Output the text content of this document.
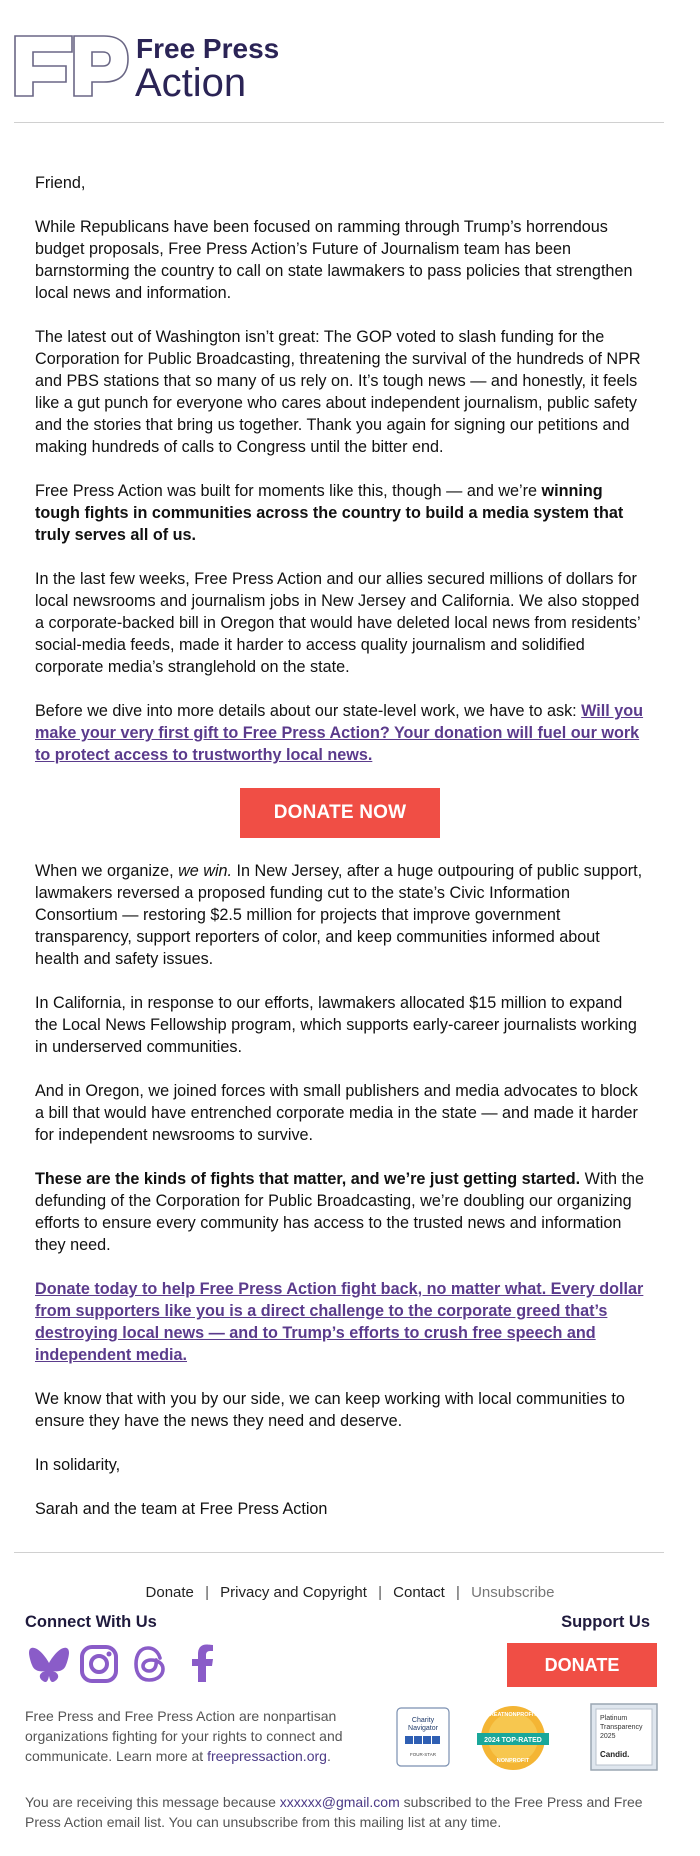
Free Press
Action

Friend,

While Republicans have been focused on ramming through Trump’s horrendous budget proposals, Free Press Action’s Future of Journalism team has been barnstorming the country to call on state lawmakers to pass policies that strengthen local news and information.

The latest out of Washington isn’t great: The GOP voted to slash funding for the Corporation for Public Broadcasting, threatening the survival of the hundreds of NPR and PBS stations that so many of us rely on. It’s tough news — and honestly, it feels like a gut punch for everyone who cares about independent journalism, public safety and the stories that bring us together. Thank you again for signing our petitions and making hundreds of calls to Congress until the bitter end.

Free Press Action was built for moments like this, though — and we’re winning tough fights in communities across the country to build a media system that truly serves all of us.

In the last few weeks, Free Press Action and our allies secured millions of dollars for local newsrooms and journalism jobs in New Jersey and California. We also stopped a corporate-backed bill in Oregon that would have deleted local news from residents’ social-media feeds, made it harder to access quality journalism and solidified corporate media’s stranglehold on the state.

Before we dive into more details about our state-level work, we have to ask: Will you make your very first gift to Free Press Action? Your donation will fuel our work to protect access to trustworthy local news.

DONATE NOW

When we organize, we win. In New Jersey, after a huge outpouring of public support, lawmakers reversed a proposed funding cut to the state’s Civic Information Consortium — restoring $2.5 million for projects that improve government transparency, support reporters of color, and keep communities informed about health and safety issues.

In California, in response to our efforts, lawmakers allocated $15 million to expand the Local News Fellowship program, which supports early-career journalists working in underserved communities.

And in Oregon, we joined forces with small publishers and media advocates to block a bill that would have entrenched corporate media in the state — and made it harder for independent newsrooms to survive.

These are the kinds of fights that matter, and we’re just getting started. With the defunding of the Corporation for Public Broadcasting, we’re doubling our organizing efforts to ensure every community has access to the trusted news and information they need.

Donate today to help Free Press Action fight back, no matter what. Every dollar from supporters like you is a direct challenge to the corporate greed that’s destroying local news — and to Trump’s efforts to crush free speech and independent media.

We know that with you by our side, we can keep working with local communities to ensure they have the news they need and deserve.

In solidarity,

Sarah and the team at Free Press Action

Donate | Privacy and Copyright | Contact | Unsubscribe
Connect With Us	Support Us
DONATE
Free Press and Free Press Action are nonpartisan organizations fighting for your rights to connect and communicate. Learn more at freepressaction.org.
Charity
Navigator
FOUR-STAR
GREATNONPROFITS
2024 TOP-RATED
NONPROFIT
Platinum
Transparency
2025
Candid.
You are receiving this message because xxxxxx@gmail.com subscribed to the Free Press and Free Press Action email list. You can unsubscribe from this mailing list at any time.
